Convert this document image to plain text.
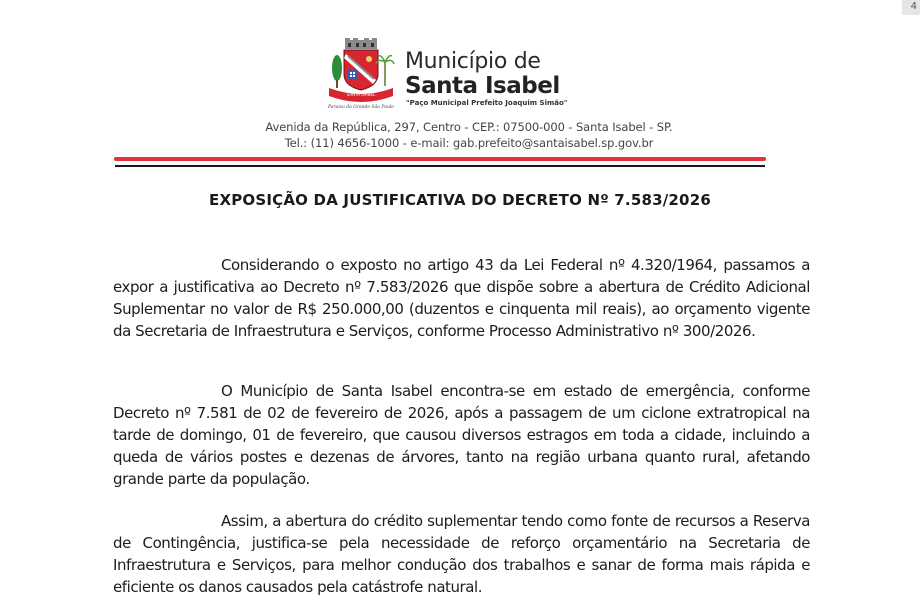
4
SANTA ISABEL
Paraiso da Grande São Paulo

Município de

Santa Isabel

"Paço Municipal Prefeito Joaquim Simão"

Avenida da República, 297, Centro - CEP.: 07500-000 - Santa Isabel - SP.
Tel.: (11) 4656-1000 - e-mail: gab.prefeito@santaisabel.sp.gov.br
EXPOSIÇÃO DA JUSTIFICATIVA DO DECRETO Nº 7.583/2026

Considerando o exposto no artigo 43 da Lei Federal nº 4.320/1964, passamos a expor a justificativa ao Decreto nº 7.583/2026 que dispõe sobre a abertura de Crédito Adicional Suplementar no valor de R$ 250.000,00 (duzentos e cinquenta mil reais), ao orçamento vigente da Secretaria de Infraestrutura e Serviços, conforme Processo Administrativo nº 300/2026.

O Município de Santa Isabel encontra-se em estado de emergência, conforme Decreto nº 7.581 de 02 de fevereiro de 2026, após a passagem de um ciclone extratropical na tarde de domingo, 01 de fevereiro, que causou diversos estragos em toda a cidade, incluindo a queda de vários postes e dezenas de árvores, tanto na região urbana quanto rural, afetando grande parte da população.

Assim, a abertura do crédito suplementar tendo como fonte de recursos a Reserva de Contingência, justifica-se pela necessidade de reforço orçamentário na Secretaria de Infraestrutura e Serviços, para melhor condução dos trabalhos e sanar de forma mais rápida e eficiente os danos causados pela catástrofe natural.
